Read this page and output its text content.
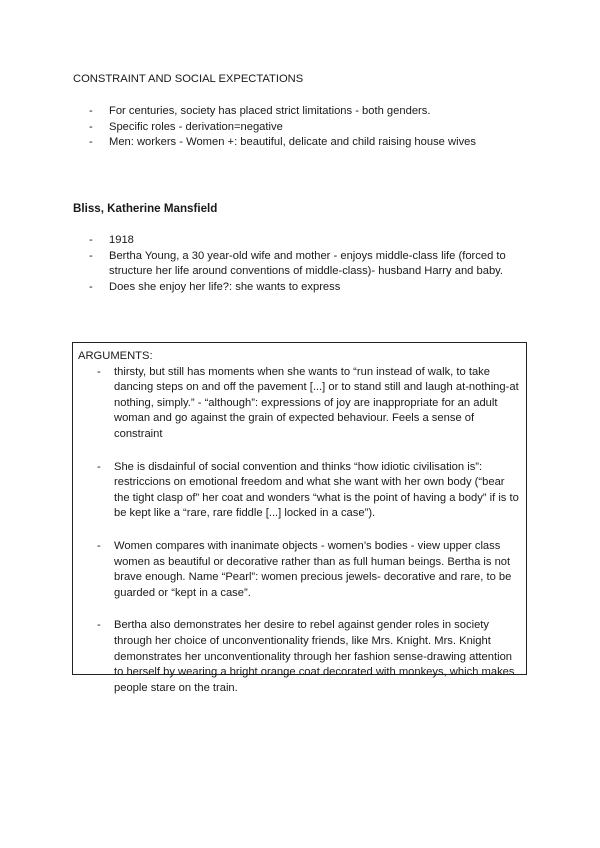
CONSTRAINT AND SOCIAL EXPECTATIONS
- For centuries, society has placed strict limitations - both genders.
- Specific roles - derivation=negative
- Men: workers - Women +: beautiful, delicate and child raising house wives
Bliss, Katherine Mansfield
- 1918
- Bertha Young, a 30 year-old wife and mother - enjoys middle-class life (forced to structure her life around conventions of middle-class)- husband Harry and baby.
- Does she enjoy her life?: she wants to express
ARGUMENTS:
- thirsty, but still has moments when she wants to “run instead of walk, to take dancing steps on and off the pavement [...] or to stand still and laugh at-nothing-at nothing, simply.” - “although”: expressions of joy are inappropriate for an adult woman and go against the grain of expected behaviour. Feels a sense of constraint
- She is disdainful of social convention and thinks “how idiotic civilisation is”: restriccions on emotional freedom and what she want with her own body (“bear the tight clasp of” her coat and wonders “what is the point of having a body” if is to be kept like a “rare, rare fiddle [...] locked in a case”).
- Women compares with inanimate objects - women’s bodies - view upper class women as beautiful or decorative rather than as full human beings. Bertha is not brave enough. Name “Pearl”: women precious jewels- decorative and rare, to be guarded or “kept in a case”.
- Bertha also demonstrates her desire to rebel against gender roles in society through her choice of unconventionality friends, like Mrs. Knight. Mrs. Knight demonstrates her unconventionality through her fashion sense-drawing attention to herself by wearing a bright orange coat decorated with monkeys, which makes people stare on the train.
